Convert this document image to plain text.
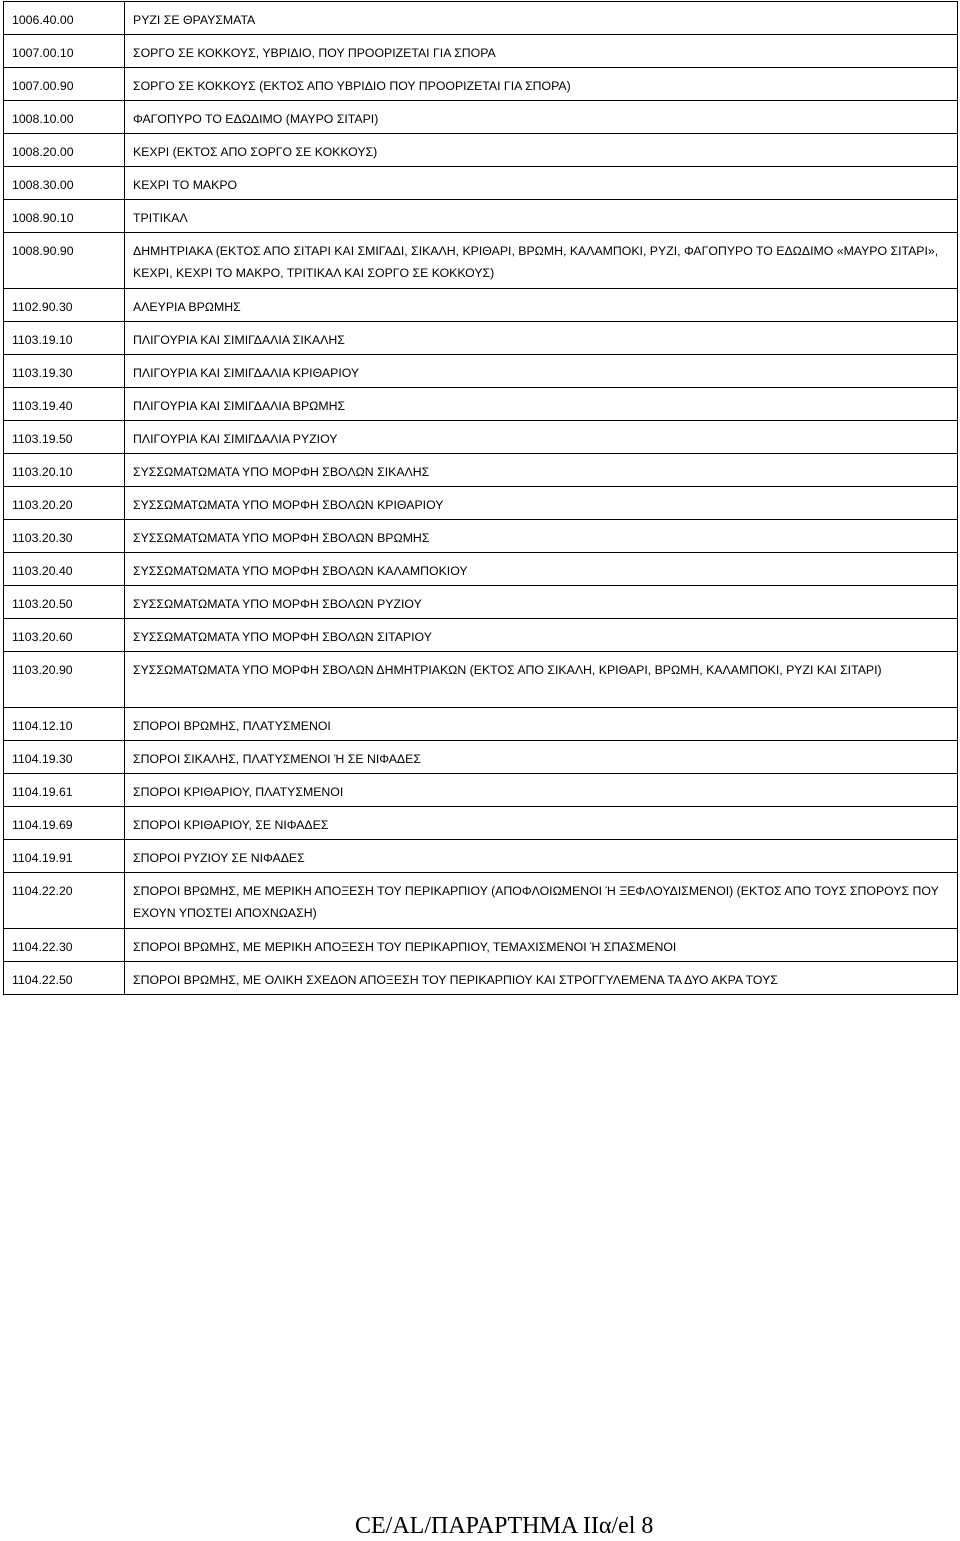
1006.40.00	ΡΥΖΙ ΣΕ ΘΡΑΥΣΜΑΤΑ
1007.00.10	ΣΟΡΓΟ ΣΕ ΚΟΚΚΟΥΣ, ΥΒΡΙΔΙΟ, ΠΟΥ ΠΡΟΟΡΙΖΕΤΑΙ ΓΙΑ ΣΠΟΡΑ
1007.00.90	ΣΟΡΓΟ ΣΕ ΚΟΚΚΟΥΣ (ΕΚΤΟΣ ΑΠΟ ΥΒΡΙΔΙΟ ΠΟΥ ΠΡΟΟΡΙΖΕΤΑΙ ΓΙΑ ΣΠΟΡΑ)
1008.10.00	ΦΑΓΟΠΥΡΟ ΤΟ ΕΔΩΔΙΜΟ (ΜΑΥΡΟ ΣΙΤΑΡΙ)
1008.20.00	ΚΕΧΡΙ (ΕΚΤΟΣ ΑΠΟ ΣΟΡΓΟ ΣΕ ΚΟΚΚΟΥΣ)
1008.30.00	ΚΕΧΡΙ ΤΟ ΜΑΚΡΟ
1008.90.10	ΤΡΙΤΙΚΑΛ
1008.90.90	ΔΗΜΗΤΡΙΑΚΑ (ΕΚΤΟΣ ΑΠΟ ΣΙΤΑΡΙ ΚΑΙ ΣΜΙΓΑΔΙ, ΣΙΚΑΛΗ, ΚΡΙΘΑΡΙ, ΒΡΩΜΗ, ΚΑΛΑΜΠΟΚΙ, ΡΥΖΙ, ΦΑΓΟΠΥΡΟ ΤΟ ΕΔΩΔΙΜΟ «ΜΑΥΡΟ ΣΙΤΑΡΙ», ΚΕΧΡΙ, ΚΕΧΡΙ ΤΟ ΜΑΚΡΟ, ΤΡΙΤΙΚΑΛ ΚΑΙ ΣΟΡΓΟ ΣΕ ΚΟΚΚΟΥΣ)
1102.90.30	ΑΛΕΥΡΙΑ ΒΡΩΜΗΣ
1103.19.10	ΠΛΙΓΟΥΡΙΑ ΚΑΙ ΣΙΜΙΓΔΑΛΙΑ ΣΙΚΑΛΗΣ
1103.19.30	ΠΛΙΓΟΥΡΙΑ ΚΑΙ ΣΙΜΙΓΔΑΛΙΑ ΚΡΙΘΑΡΙΟΥ
1103.19.40	ΠΛΙΓΟΥΡΙΑ ΚΑΙ ΣΙΜΙΓΔΑΛΙΑ ΒΡΩΜΗΣ
1103.19.50	ΠΛΙΓΟΥΡΙΑ ΚΑΙ ΣΙΜΙΓΔΑΛΙΑ ΡΥΖΙΟΥ
1103.20.10	ΣΥΣΣΩΜΑΤΩΜΑΤΑ ΥΠΟ ΜΟΡΦΗ ΣΒΟΛΩΝ ΣΙΚΑΛΗΣ
1103.20.20	ΣΥΣΣΩΜΑΤΩΜΑΤΑ ΥΠΟ ΜΟΡΦΗ ΣΒΟΛΩΝ ΚΡΙΘΑΡΙΟΥ
1103.20.30	ΣΥΣΣΩΜΑΤΩΜΑΤΑ ΥΠΟ ΜΟΡΦΗ ΣΒΟΛΩΝ ΒΡΩΜΗΣ
1103.20.40	ΣΥΣΣΩΜΑΤΩΜΑΤΑ ΥΠΟ ΜΟΡΦΗ ΣΒΟΛΩΝ ΚΑΛΑΜΠΟΚΙΟΥ
1103.20.50	ΣΥΣΣΩΜΑΤΩΜΑΤΑ ΥΠΟ ΜΟΡΦΗ ΣΒΟΛΩΝ ΡΥΖΙΟΥ
1103.20.60	ΣΥΣΣΩΜΑΤΩΜΑΤΑ ΥΠΟ ΜΟΡΦΗ ΣΒΟΛΩΝ ΣΙΤΑΡΙΟΥ
1103.20.90	ΣΥΣΣΩΜΑΤΩΜΑΤΑ ΥΠΟ ΜΟΡΦΗ ΣΒΟΛΩΝ ΔΗΜΗΤΡΙΑΚΩΝ (ΕΚΤΟΣ ΑΠΟ ΣΙΚΑΛΗ, ΚΡΙΘΑΡΙ, ΒΡΩΜΗ, ΚΑΛΑΜΠΟΚΙ, ΡΥΖΙ ΚΑΙ ΣΙΤΑΡΙ)
1104.12.10	ΣΠΟΡΟΙ ΒΡΩΜΗΣ, ΠΛΑΤΥΣΜΕΝΟΙ
1104.19.30	ΣΠΟΡΟΙ ΣΙΚΑΛΗΣ, ΠΛΑΤΥΣΜΕΝΟΙ Ή ΣΕ ΝΙΦΑΔΕΣ
1104.19.61	ΣΠΟΡΟΙ ΚΡΙΘΑΡΙΟΥ, ΠΛΑΤΥΣΜΕΝΟΙ
1104.19.69	ΣΠΟΡΟΙ ΚΡΙΘΑΡΙΟΥ, ΣΕ ΝΙΦΑΔΕΣ
1104.19.91	ΣΠΟΡΟΙ ΡΥΖΙΟΥ ΣΕ ΝΙΦΑΔΕΣ
1104.22.20	ΣΠΟΡΟΙ ΒΡΩΜΗΣ, ΜΕ ΜΕΡΙΚΗ ΑΠΟΞΕΣΗ ΤΟΥ ΠΕΡΙΚΑΡΠΙΟΥ (ΑΠΟΦΛΟΙΩΜΕΝΟΙ Ή ΞΕΦΛΟΥΔΙΣΜΕΝΟΙ) (ΕΚΤΟΣ ΑΠΟ ΤΟΥΣ ΣΠΟΡΟΥΣ ΠΟΥ ΕΧΟΥΝ ΥΠΟΣΤΕΙ ΑΠΟΧΝΩΑΣΗ)
1104.22.30	ΣΠΟΡΟΙ ΒΡΩΜΗΣ, ΜΕ ΜΕΡΙΚΗ ΑΠΟΞΕΣΗ ΤΟΥ ΠΕΡΙΚΑΡΠΙΟΥ, ΤΕΜΑΧΙΣΜΕΝΟΙ Ή ΣΠΑΣΜΕΝΟΙ
1104.22.50	ΣΠΟΡΟΙ ΒΡΩΜΗΣ, ΜΕ ΟΛΙΚΗ ΣΧΕΔΟΝ ΑΠΟΞΕΣΗ ΤΟΥ ΠΕΡΙΚΑΡΠΙΟΥ ΚΑΙ ΣΤΡΟΓΓΥΛΕΜΕΝΑ ΤΑ ΔΥΟ ΑΚΡΑ ΤΟΥΣ
CE/AL/ΠΑΡΑΡΤΗΜΑ ΙΙα/el 8
